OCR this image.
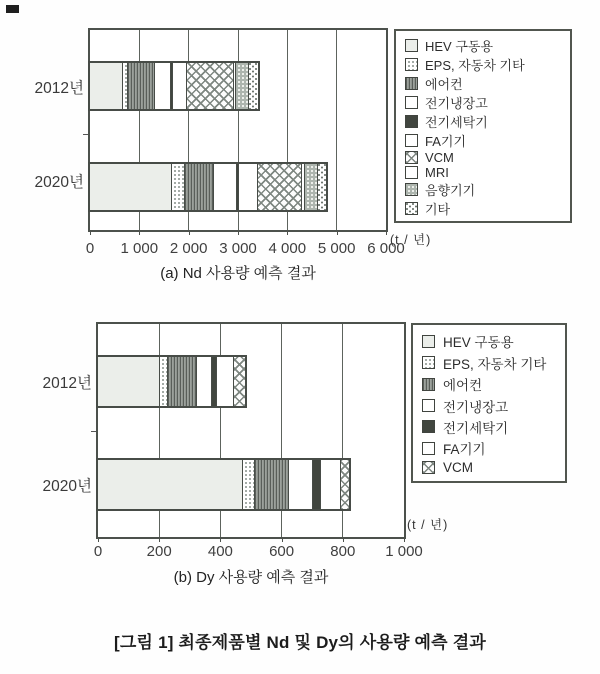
2012년
2020년
HEV 구동용
EPS, 자동차 기타
에어컨
전기냉장고
전기세탁기
FA기기
VCM
MRI
음향기기
기타
(t / 년)
(a) Nd 사용량 예측 결과
0	1 000 2 000 3 000 4 000 5 000 6 000
2012년
2020년
HEV 구동용
EPS, 자동차 기타
에어컨
전기냉장고
전기세탁기
FA기기
VCM
(t / 년)
(b) Dy 사용량 예측 결과
0	200	400	600	800	1 000
[그림 1] 최종제품별 Nd 및 Dy의 사용량 예측 결과
